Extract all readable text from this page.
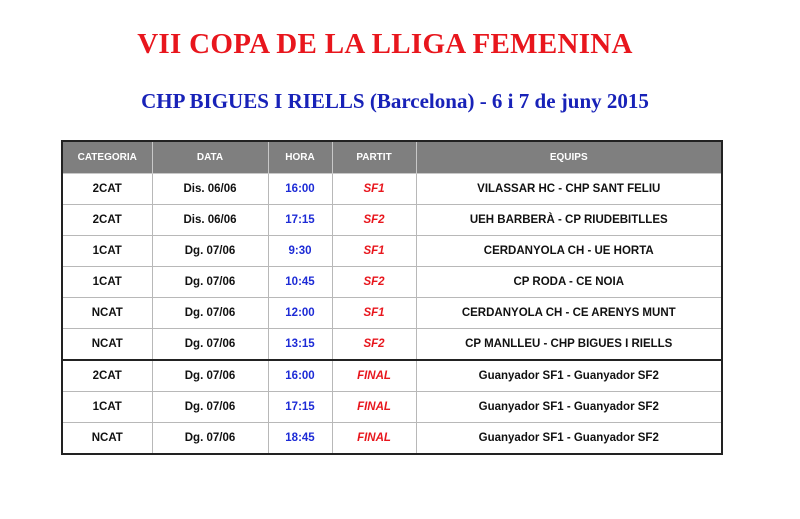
VII COPA DE LA LLIGA FEMENINA
CHP BIGUES I RIELLS (Barcelona) - 6 i 7 de juny 2015
CATEGORIA	DATA	HORA	PARTIT	EQUIPS
2CAT	Dis. 06/06	16:00	SF1	VILASSAR HC - CHP SANT FELIU
2CAT	Dis. 06/06	17:15	SF2	UEH BARBERÀ - CP RIUDEBITLLES
1CAT	Dg. 07/06	9:30	SF1	CERDANYOLA CH - UE HORTA
1CAT	Dg. 07/06	10:45	SF2	CP RODA - CE NOIA
NCAT	Dg. 07/06	12:00	SF1	CERDANYOLA CH - CE ARENYS MUNT
NCAT	Dg. 07/06	13:15	SF2	CP MANLLEU - CHP BIGUES I RIELLS
2CAT	Dg. 07/06	16:00	FINAL	Guanyador SF1 - Guanyador SF2
1CAT	Dg. 07/06	17:15	FINAL	Guanyador SF1 - Guanyador SF2
NCAT	Dg. 07/06	18:45	FINAL	Guanyador SF1 - Guanyador SF2
